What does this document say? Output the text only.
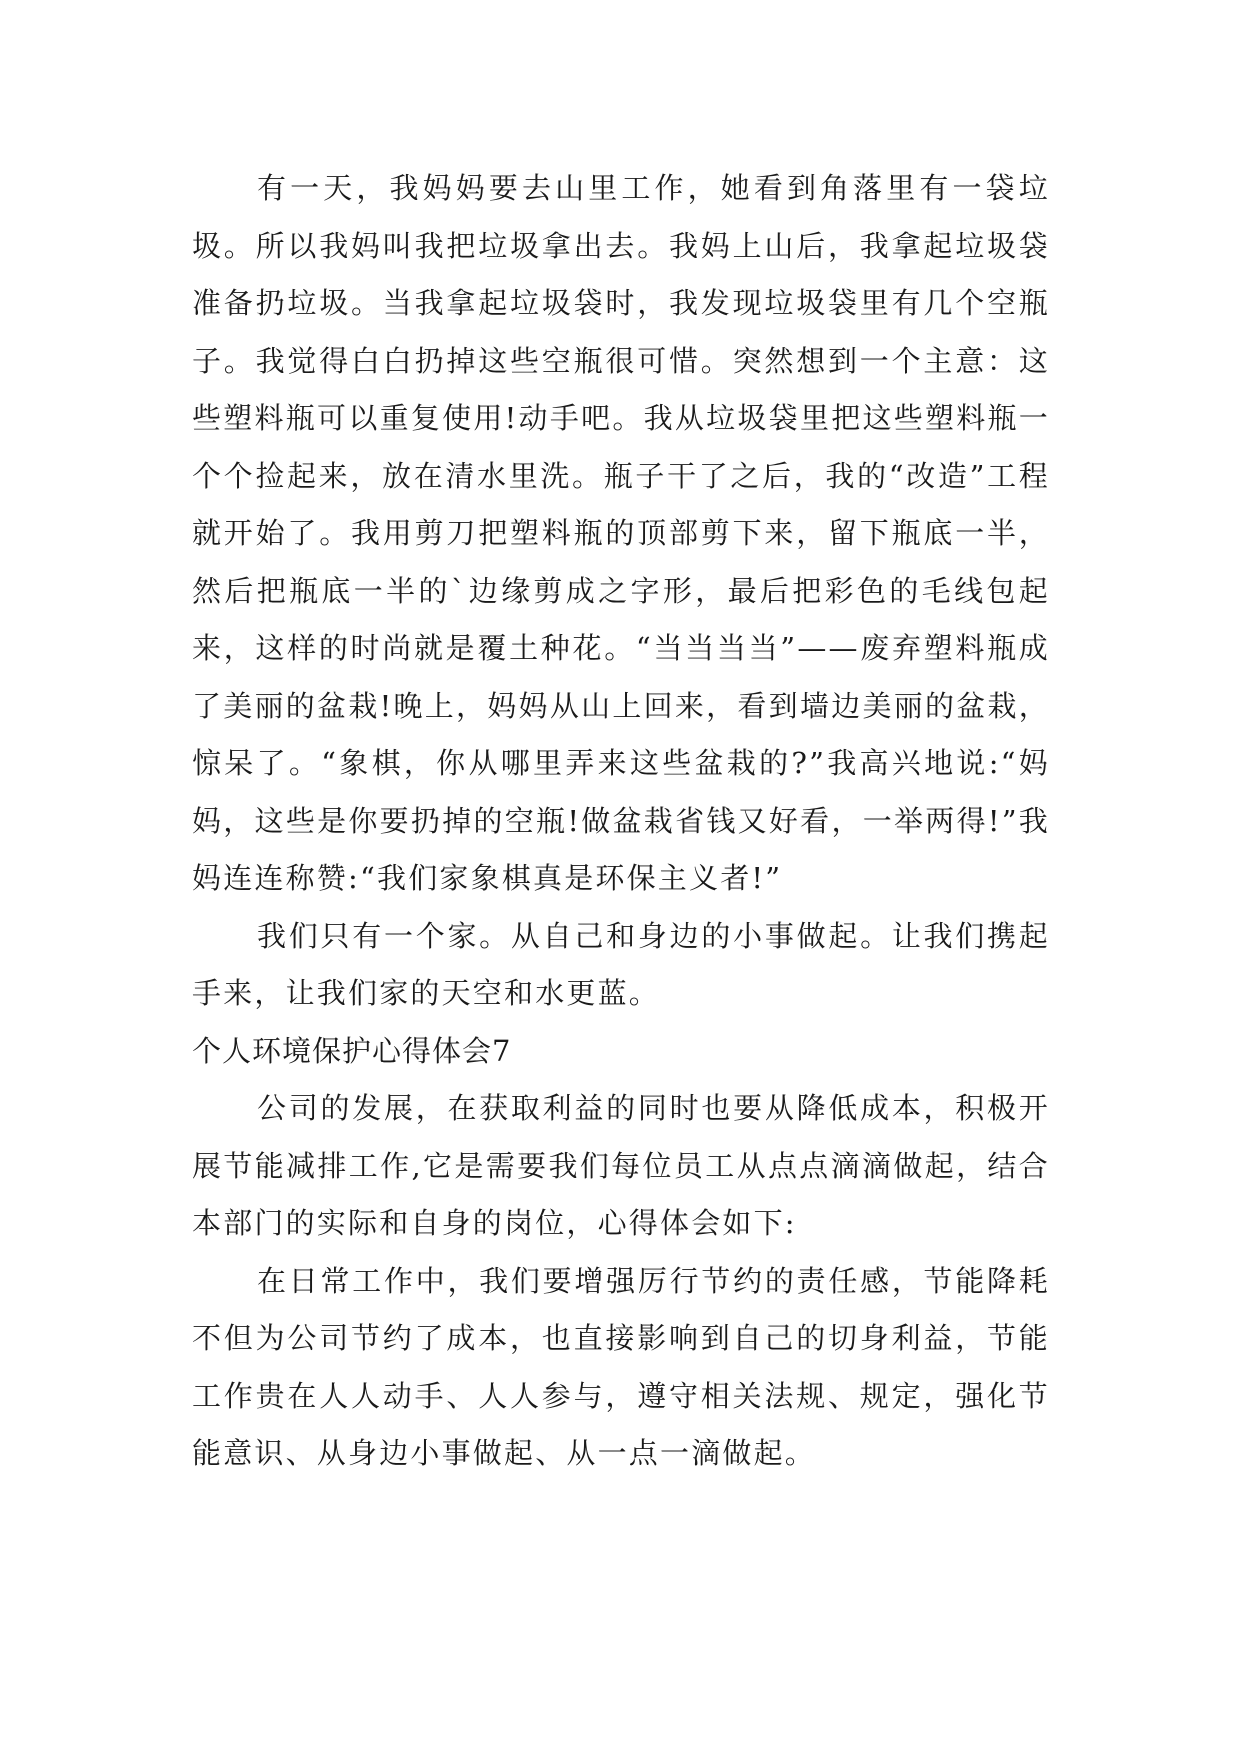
有一天，我妈妈要去山里工作，她看到角落里有一袋垃圾。所以我妈叫我把垃圾拿出去。我妈上山后，我拿起垃圾袋准备扔垃圾。当我拿起垃圾袋时，我发现垃圾袋里有几个空瓶子。我觉得白白扔掉这些空瓶很可惜。突然想到一个主意：这些塑料瓶可以重复使用!动手吧。我从垃圾袋里把这些塑料瓶一个个捡起来，放在清水里洗。瓶子干了之后，我的“改造”工程就开始了。我用剪刀把塑料瓶的顶部剪下来，留下瓶底一半，然后把瓶底一半的`边缘剪成之字形，最后把彩色的毛线包起来，这样的时尚就是覆土种花。“当当当当”——废弃塑料瓶成了美丽的盆栽!晚上，妈妈从山上回来，看到墙边美丽的盆栽，惊呆了。“象棋，你从哪里弄来这些盆栽的?”我高兴地说:“妈妈，这些是你要扔掉的空瓶!做盆栽省钱又好看，一举两得!”我妈连连称赞:“我们家象棋真是环保主义者!”

我们只有一个家。从自己和身边的小事做起。让我们携起手来，让我们家的天空和水更蓝。

个人环境保护心得体会7

公司的发展，在获取利益的同时也要从降低成本，积极开展节能减排工作,它是需要我们每位员工从点点滴滴做起，结合本部门的实际和自身的岗位，心得体会如下:

在日常工作中，我们要增强厉行节约的责任感，节能降耗不但为公司节约了成本，也直接影响到自己的切身利益，节能工作贵在人人动手、人人参与，遵守相关法规、规定，强化节能意识、从身边小事做起、从一点一滴做起。
